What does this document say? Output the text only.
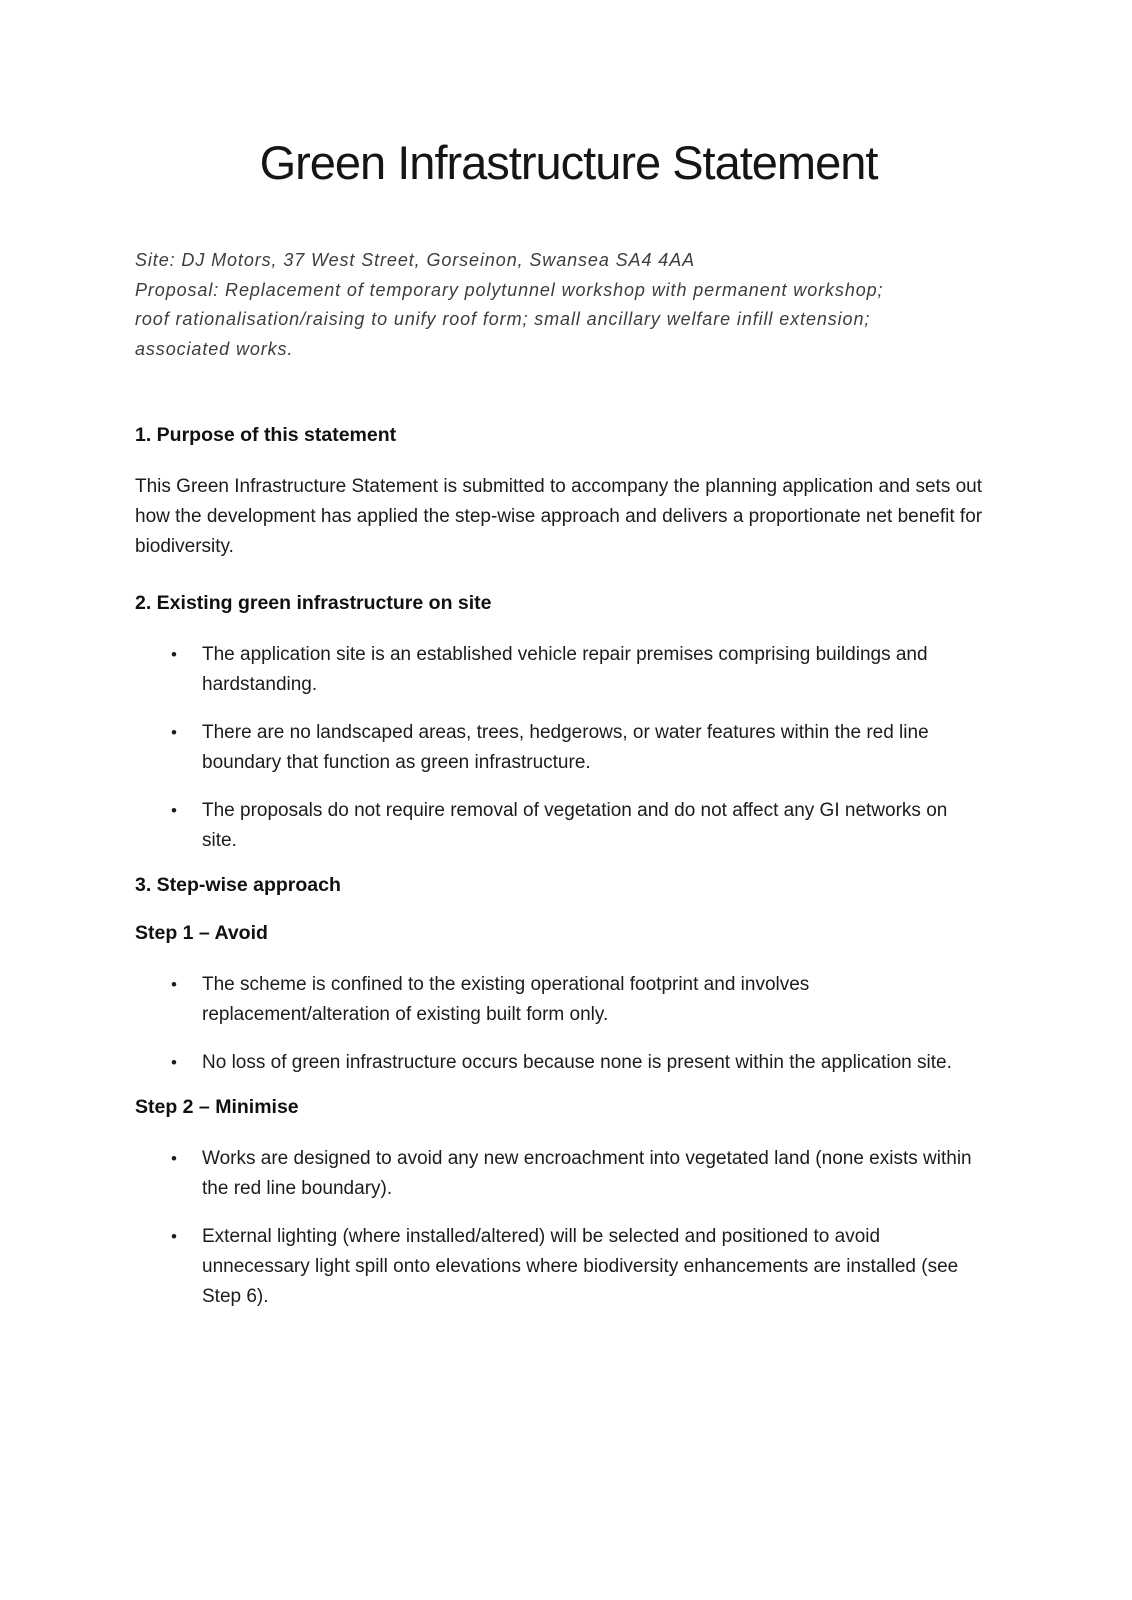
Green Infrastructure Statement
Site: DJ Motors, 37 West Street, Gorseinon, Swansea SA4 4AA
Proposal: Replacement of temporary polytunnel workshop with permanent workshop;
roof rationalisation/raising to unify roof form; small ancillary welfare infill extension;
associated works.
1. Purpose of this statement

This Green Infrastructure Statement is submitted to accompany the planning application and sets out how the development has applied the step-wise approach and delivers a proportionate net benefit for biodiversity.

2. Existing green infrastructure on site
• The application site is an established vehicle repair premises comprising buildings and hardstanding.
• There are no landscaped areas, trees, hedgerows, or water features within the red line boundary that function as green infrastructure.
• The proposals do not require removal of vegetation and do not affect any GI networks on site.
3. Step-wise approach
Step 1 – Avoid
• The scheme is confined to the existing operational footprint and involves replacement/alteration of existing built form only.
• No loss of green infrastructure occurs because none is present within the application site.
Step 2 – Minimise
• Works are designed to avoid any new encroachment into vegetated land (none exists within the red line boundary).
• External lighting (where installed/altered) will be selected and positioned to avoid unnecessary light spill onto elevations where biodiversity enhancements are installed (see Step 6).
